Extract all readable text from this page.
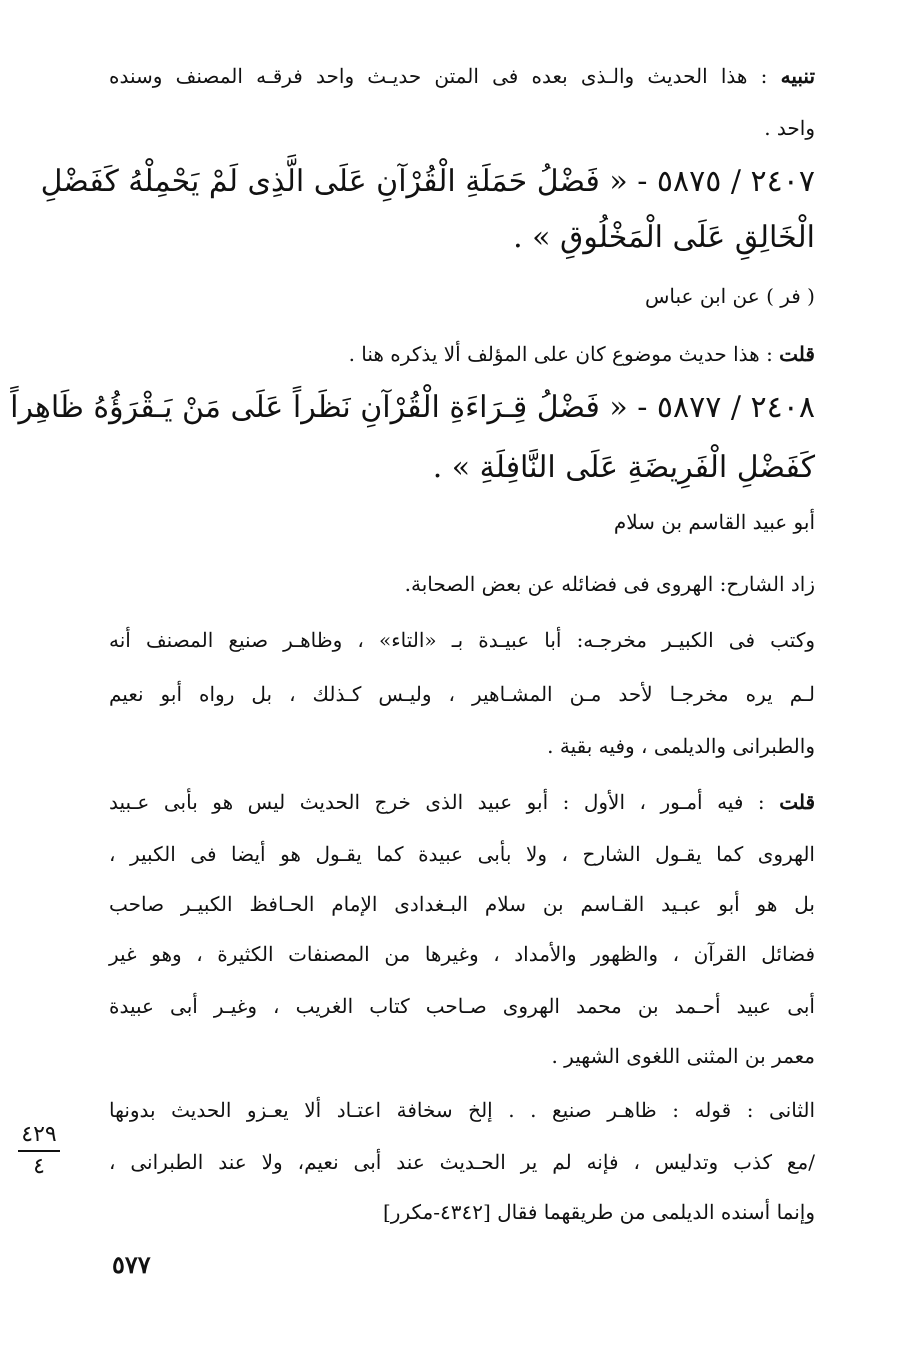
تنبيه : هذا الحديث والـذى بعده فى المتن حديـث واحد فرقـه المصنف وسنده
واحد .
٢٤٠٧ / ٥٨٧٥ - « فَضْلُ حَمَلَةِ الْقُرْآنِ عَلَى الَّذِى لَمْ يَحْمِلْهُ كَفَضْلِ
الْخَالِقِ عَلَى الْمَخْلُوقِ » .
( فر ) عن ابن عباس
قلت : هذا حديث موضوع كان على المؤلف ألا يذكره هنا .
٢٤٠٨ / ٥٨٧٧ - « فَضْلُ قِـرَاءَةِ الْقُرْآنِ نَظَراً عَلَى مَنْ يَـقْرَؤُهُ ظَاهِراً
كَفَضْلِ الْفَرِيضَةِ عَلَى النَّافِلَةِ » .
أبو عبيد القاسم بن سلام
زاد الشارح: الهروى فى فضائله عن بعض الصحابة.
وكتب فى الكبيـر مخرجـه: أبا عبيـدة بـ «التاء» ، وظاهـر صنيع المصنف أنه
لـم يره مخرجـا لأحد مـن المشـاهير ، وليـس كـذلك ، بل رواه أبو نعيم
والطبرانى والديلمى ، وفيه بقية .
قلت : فيه أمـور ، الأول : أبو عبيد الذى خرج الحديث ليس هو بأبى عـبيد
الهروى كما يقـول الشارح ، ولا بأبى عبيدة كما يقـول هو أيضا فى الكبير ،
بل هو أبو عبـيد القـاسم بن سلام البـغدادى الإمام الحـافظ الكبيـر صاحب
فضائل القرآن ، والظهور والأمداد ، وغيرها من المصنفات الكثيرة ، وهو غير
أبى عبيد أحـمد بن محمد الهروى صـاحب كتاب الغريب ، وغيـر أبى عبيدة
معمر بن المثنى اللغوى الشهير .
الثانى : قوله : ظاهـر صنيع . . إلخ سخافة اعتـاد ألا يعـزو الحديث بدونها
/مع كذب وتدليس ، فإنه لم ير الحـديث عند أبى نعيم، ولا عند الطبرانى ،
وإنما أسنده الديلمى من طريقهما فقال [٤٣٤٢-مكرر]
٤٢٩
٤
٥٧٧
